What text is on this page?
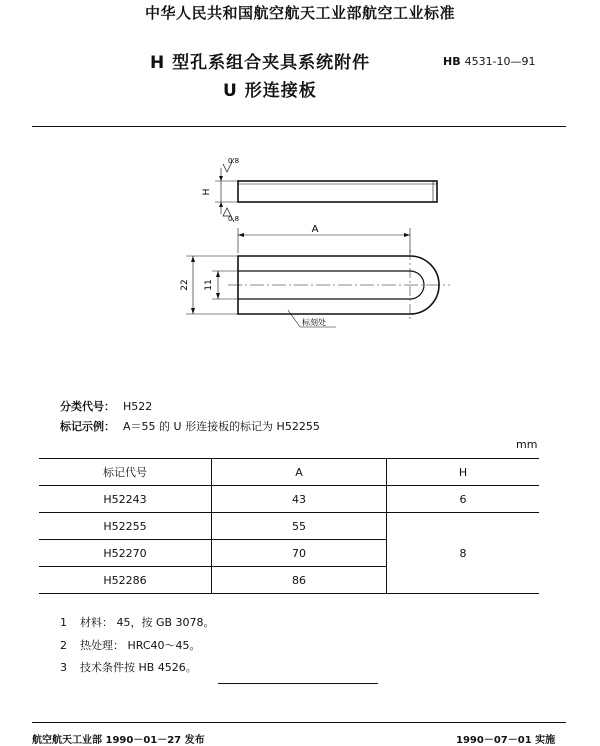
中华人民共和国航空航天工业部航空工业标准
H 型孔系组合夹具系统附件
U 形连接板
HB 4531-10—91
H
0.8
0.8
A
22 11
标刻处
分类代号： H522
标记示例： A＝55 的 U 形连接板的标记为 H52255
mm
标记代号	A	H
H52243	43	6
H52255	55	8
H52270	70	
H52286	86	
1 材料： 45，按 GB 3078。
2 热处理： HRC40～45。
3 技术条件按 HB 4526。
航空航天工业部 1990－01－27 发布	1990－07－01 实施
